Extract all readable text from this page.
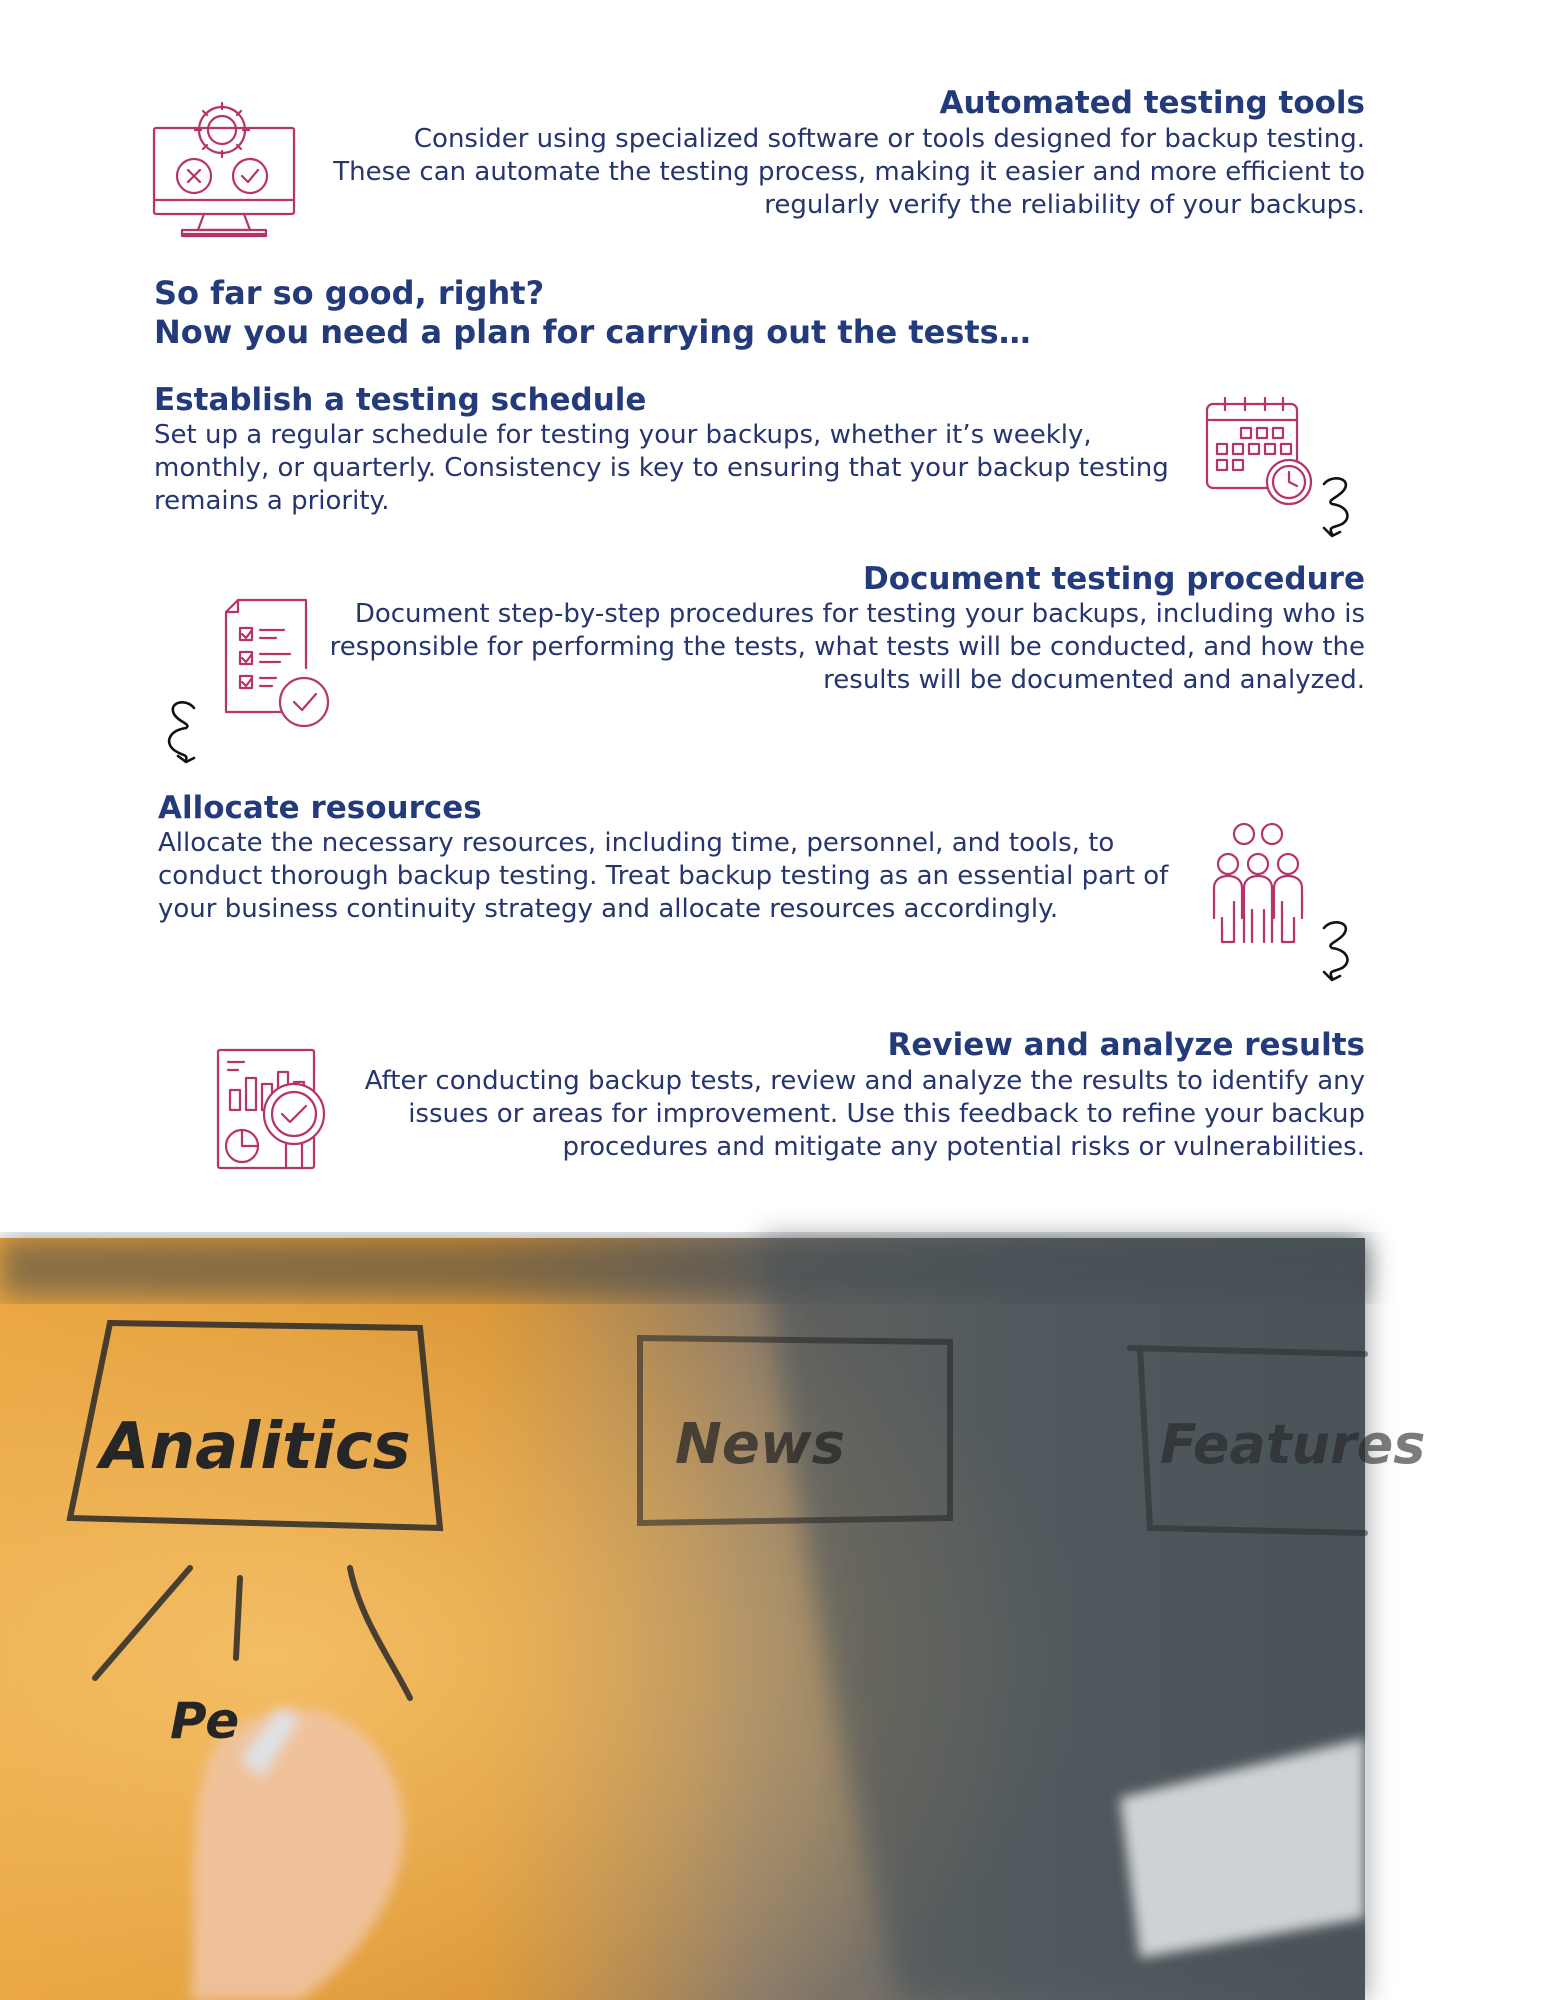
Automated testing tools
Consider using specialized software or tools designed for backup testing.
These can automate the testing process, making it easier and more efficient to
regularly verify the reliability of your backups.
So far so good, right?
Now you need a plan for carrying out the tests…
Establish a testing schedule
Set up a regular schedule for testing your backups, whether it’s weekly,
monthly, or quarterly. Consistency is key to ensuring that your backup testing
remains a priority.
Document testing procedure
Document step-by-step procedures for testing your backups, including who is
responsible for performing the tests, what tests will be conducted, and how the
results will be documented and analyzed.
Allocate resources
Allocate the necessary resources, including time, personnel, and tools, to
conduct thorough backup testing. Treat backup testing as an essential part of
your business continuity strategy and allocate resources accordingly.
Review and analyze results
After conducting backup tests, review and analyze the results to identify any
issues or areas for improvement. Use this feedback to refine your backup
procedures and mitigate any potential risks or vulnerabilities.
Analitics	News	Features
Pe
